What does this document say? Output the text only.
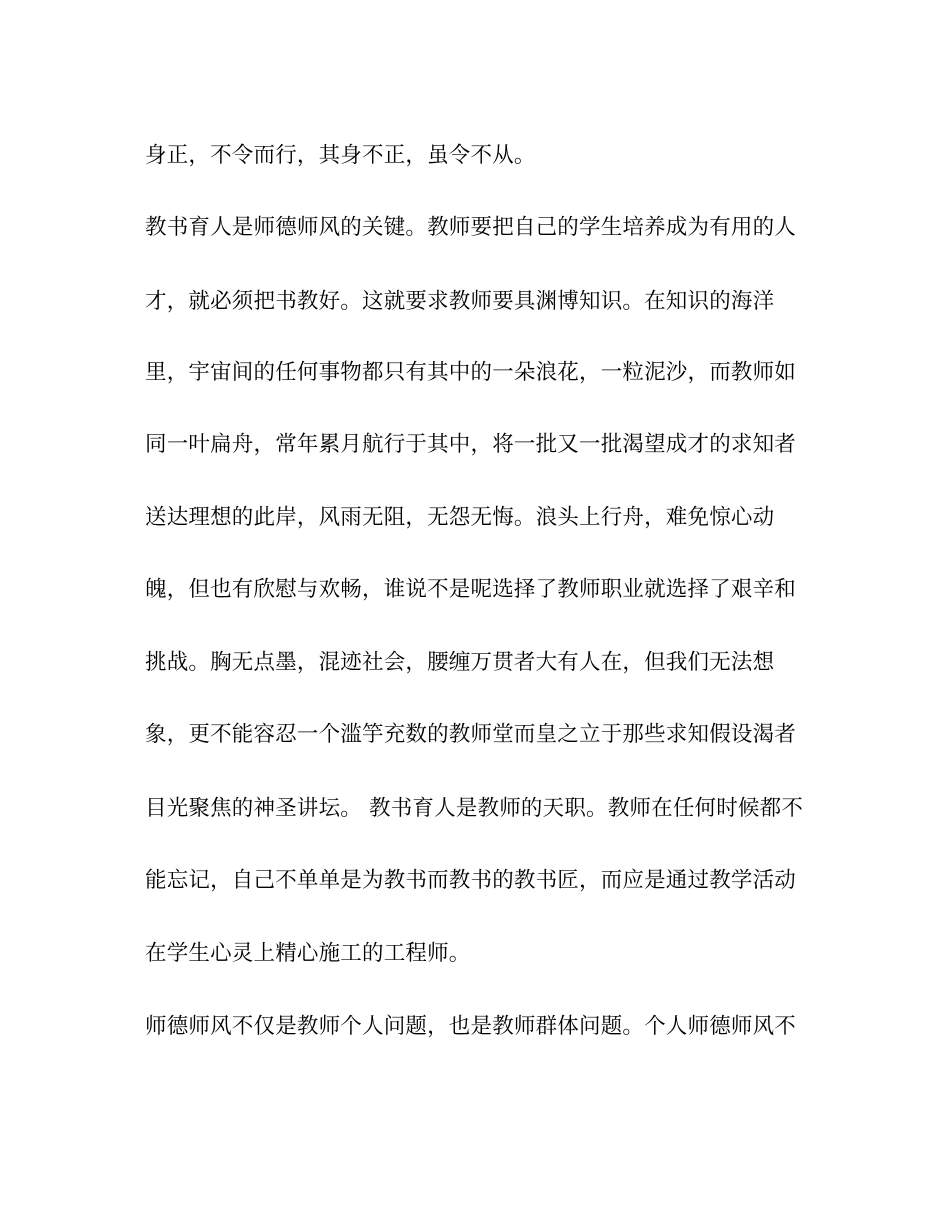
身正，不令而行，其身不正，虽令不从。
教书育人是师德师风的关键。教师要把自己的学生培养成为有用的人
才，就必须把书教好。这就要求教师要具渊博知识。在知识的海洋
里，宇宙间的任何事物都只有其中的一朵浪花，一粒泥沙，而教师如
同一叶扁舟，常年累月航行于其中，将一批又一批渴望成才的求知者
送达理想的此岸，风雨无阻，无怨无悔。浪头上行舟，难免惊心动
魄，但也有欣慰与欢畅，谁说不是呢选择了教师职业就选择了艰辛和
挑战。胸无点墨，混迹社会，腰缠万贯者大有人在，但我们无法想
象，更不能容忍一个滥竽充数的教师堂而皇之立于那些求知假设渴者
目光聚焦的神圣讲坛。 教书育人是教师的天职。教师在任何时候都不
能忘记，自己不单单是为教书而教书的教书匠，而应是通过教学活动
在学生心灵上精心施工的工程师。
师德师风不仅是教师个人问题，也是教师群体问题。个人师德师风不
